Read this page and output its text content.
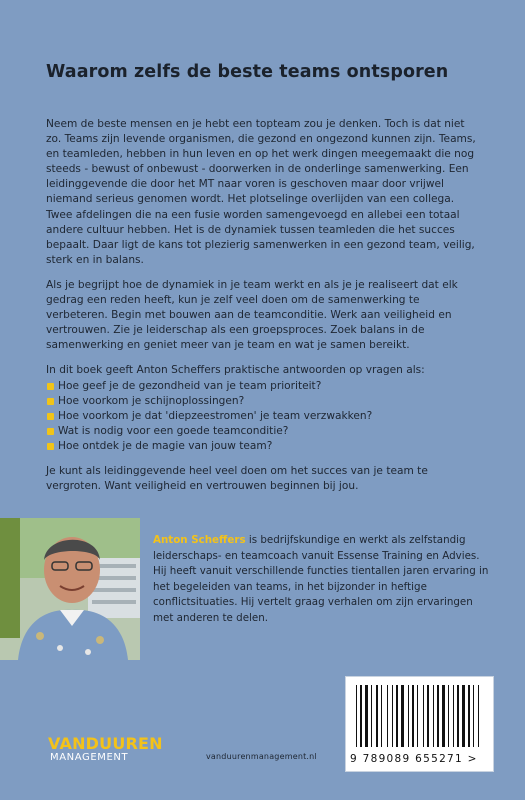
Waarom zelfs de beste teams ontsporen

Neem de beste mensen en je hebt een topteam zou je denken. Toch is dat niet zo. Teams zijn levende organismen, die gezond en ongezond kunnen zijn. Teams, en teamleden, hebben in hun leven en op het werk dingen meegemaakt die nog steeds - bewust of onbewust - doorwerken in de onderlinge samenwerking. Een leidinggevende die door het MT naar voren is geschoven maar door vrijwel niemand serieus genomen wordt. Het plotselinge overlijden van een collega. Twee afdelingen die na een fusie worden samengevoegd en allebei een totaal andere cultuur hebben. Het is de dynamiek tussen teamleden die het succes bepaalt. Daar ligt de kans tot plezierig samenwerken in een gezond team, veilig, sterk en in balans.

Als je begrijpt hoe de dynamiek in je team werkt en als je je realiseert dat elk gedrag een reden heeft, kun je zelf veel doen om de samenwerking te verbeteren. Begin met bouwen aan de teamconditie. Werk aan veiligheid en vertrouwen. Zie je leiderschap als een groepsproces. Zoek balans in de samenwerking en geniet meer van je team en wat je samen bereikt.

In dit boek geeft Anton Scheffers praktische antwoorden op vragen als:

Hoe geef je de gezondheid van je team prioriteit?
Hoe voorkom je schijnoplossingen?
Hoe voorkom je dat 'diepzeestromen' je team verzwakken?
Wat is nodig voor een goede teamconditie?
Hoe ontdek je de magie van jouw team?

Je kunt als leidinggevende heel veel doen om het succes van je team te vergroten. Want veiligheid en vertrouwen beginnen bij jou.

Anton Scheffers is bedrijfskundige en werkt als zelfstandig leiderschaps- en teamcoach vanuit Essense Training en Advies. Hij heeft vanuit verschillende functies tientallen jaren ervaring in het begeleiden van teams, in het bijzonder in heftige conflictsituaties. Hij vertelt graag verhalen om zijn ervaringen met anderen te delen.
VANDUUREN
MANAGEMENT	vanduurenmanagement.nl	9 789089 655271 >
